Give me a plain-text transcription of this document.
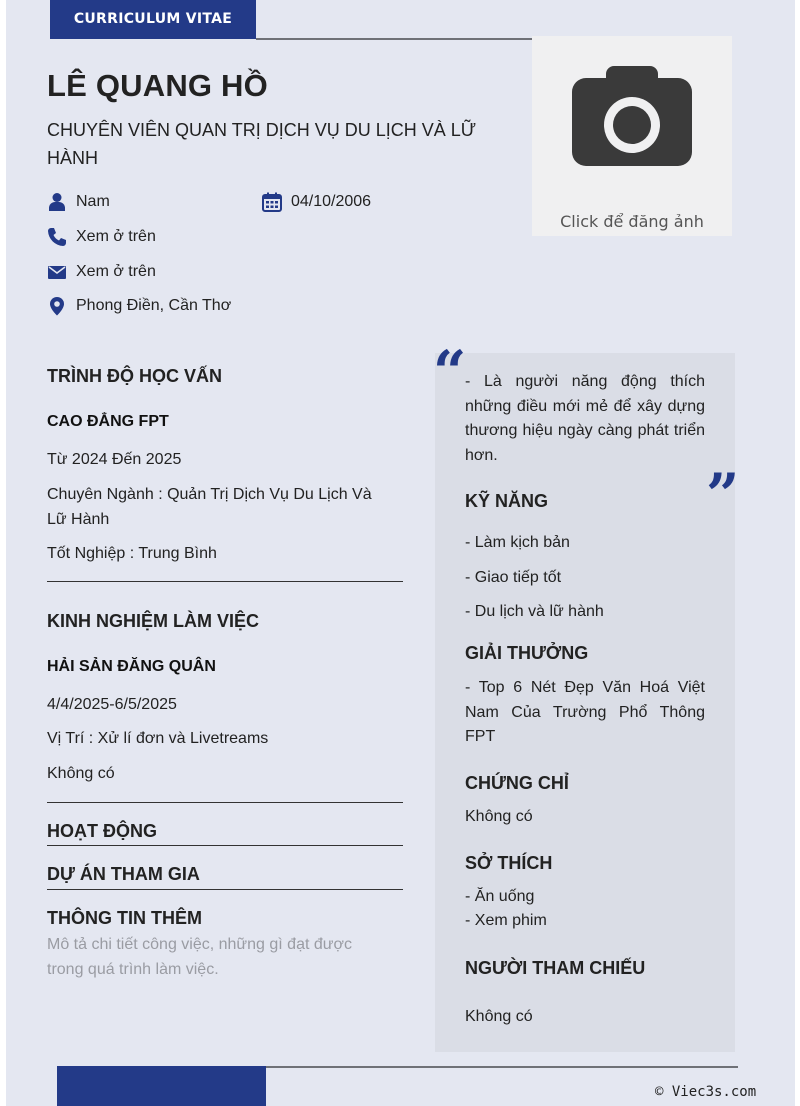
CURRICULUM VITAE
Click để đăng ảnh
LÊ QUANG HỒ
CHUYÊN VIÊN QUAN TRỊ DỊCH VỤ DU LỊCH VÀ LỮ HÀNH
Nam	04/10/2006
Xem ở trên
Xem ở trên
Phong Điền, Cần Thơ
TRÌNH ĐỘ HỌC VẤN
CAO ĐẲNG FPT
Từ 2024 Đến 2025
Chuyên Ngành : Quản Trị Dịch Vụ Du Lịch Và Lữ Hành
Tốt Nghiệp : Trung Bình
KINH NGHIỆM LÀM VIỆC
HẢI SẢN ĐĂNG QUÂN
4/4/2025-6/5/2025
Vị Trí : Xử lí đơn và Livetreams
Không có
HOẠT ĐỘNG
DỰ ÁN THAM GIA
THÔNG TIN THÊM
Mô tả chi tiết công việc, những gì đạt được trong quá trình làm việc.
“
”
- Là người năng động thích những điều mới mẻ để xây dựng thương hiệu ngày càng phát triển hơn.
KỸ NĂNG
- Làm kịch bản
- Giao tiếp tốt
- Du lịch và lữ hành
GIẢI THƯỞNG
- Top 6 Nét Đẹp Văn Hoá Việt Nam Của Trường Phổ Thông FPT
CHỨNG CHỈ
Không có
SỞ THÍCH
- Ăn uống
- Xem phim
NGƯỜI THAM CHIẾU
Không có
© Viec3s.com
